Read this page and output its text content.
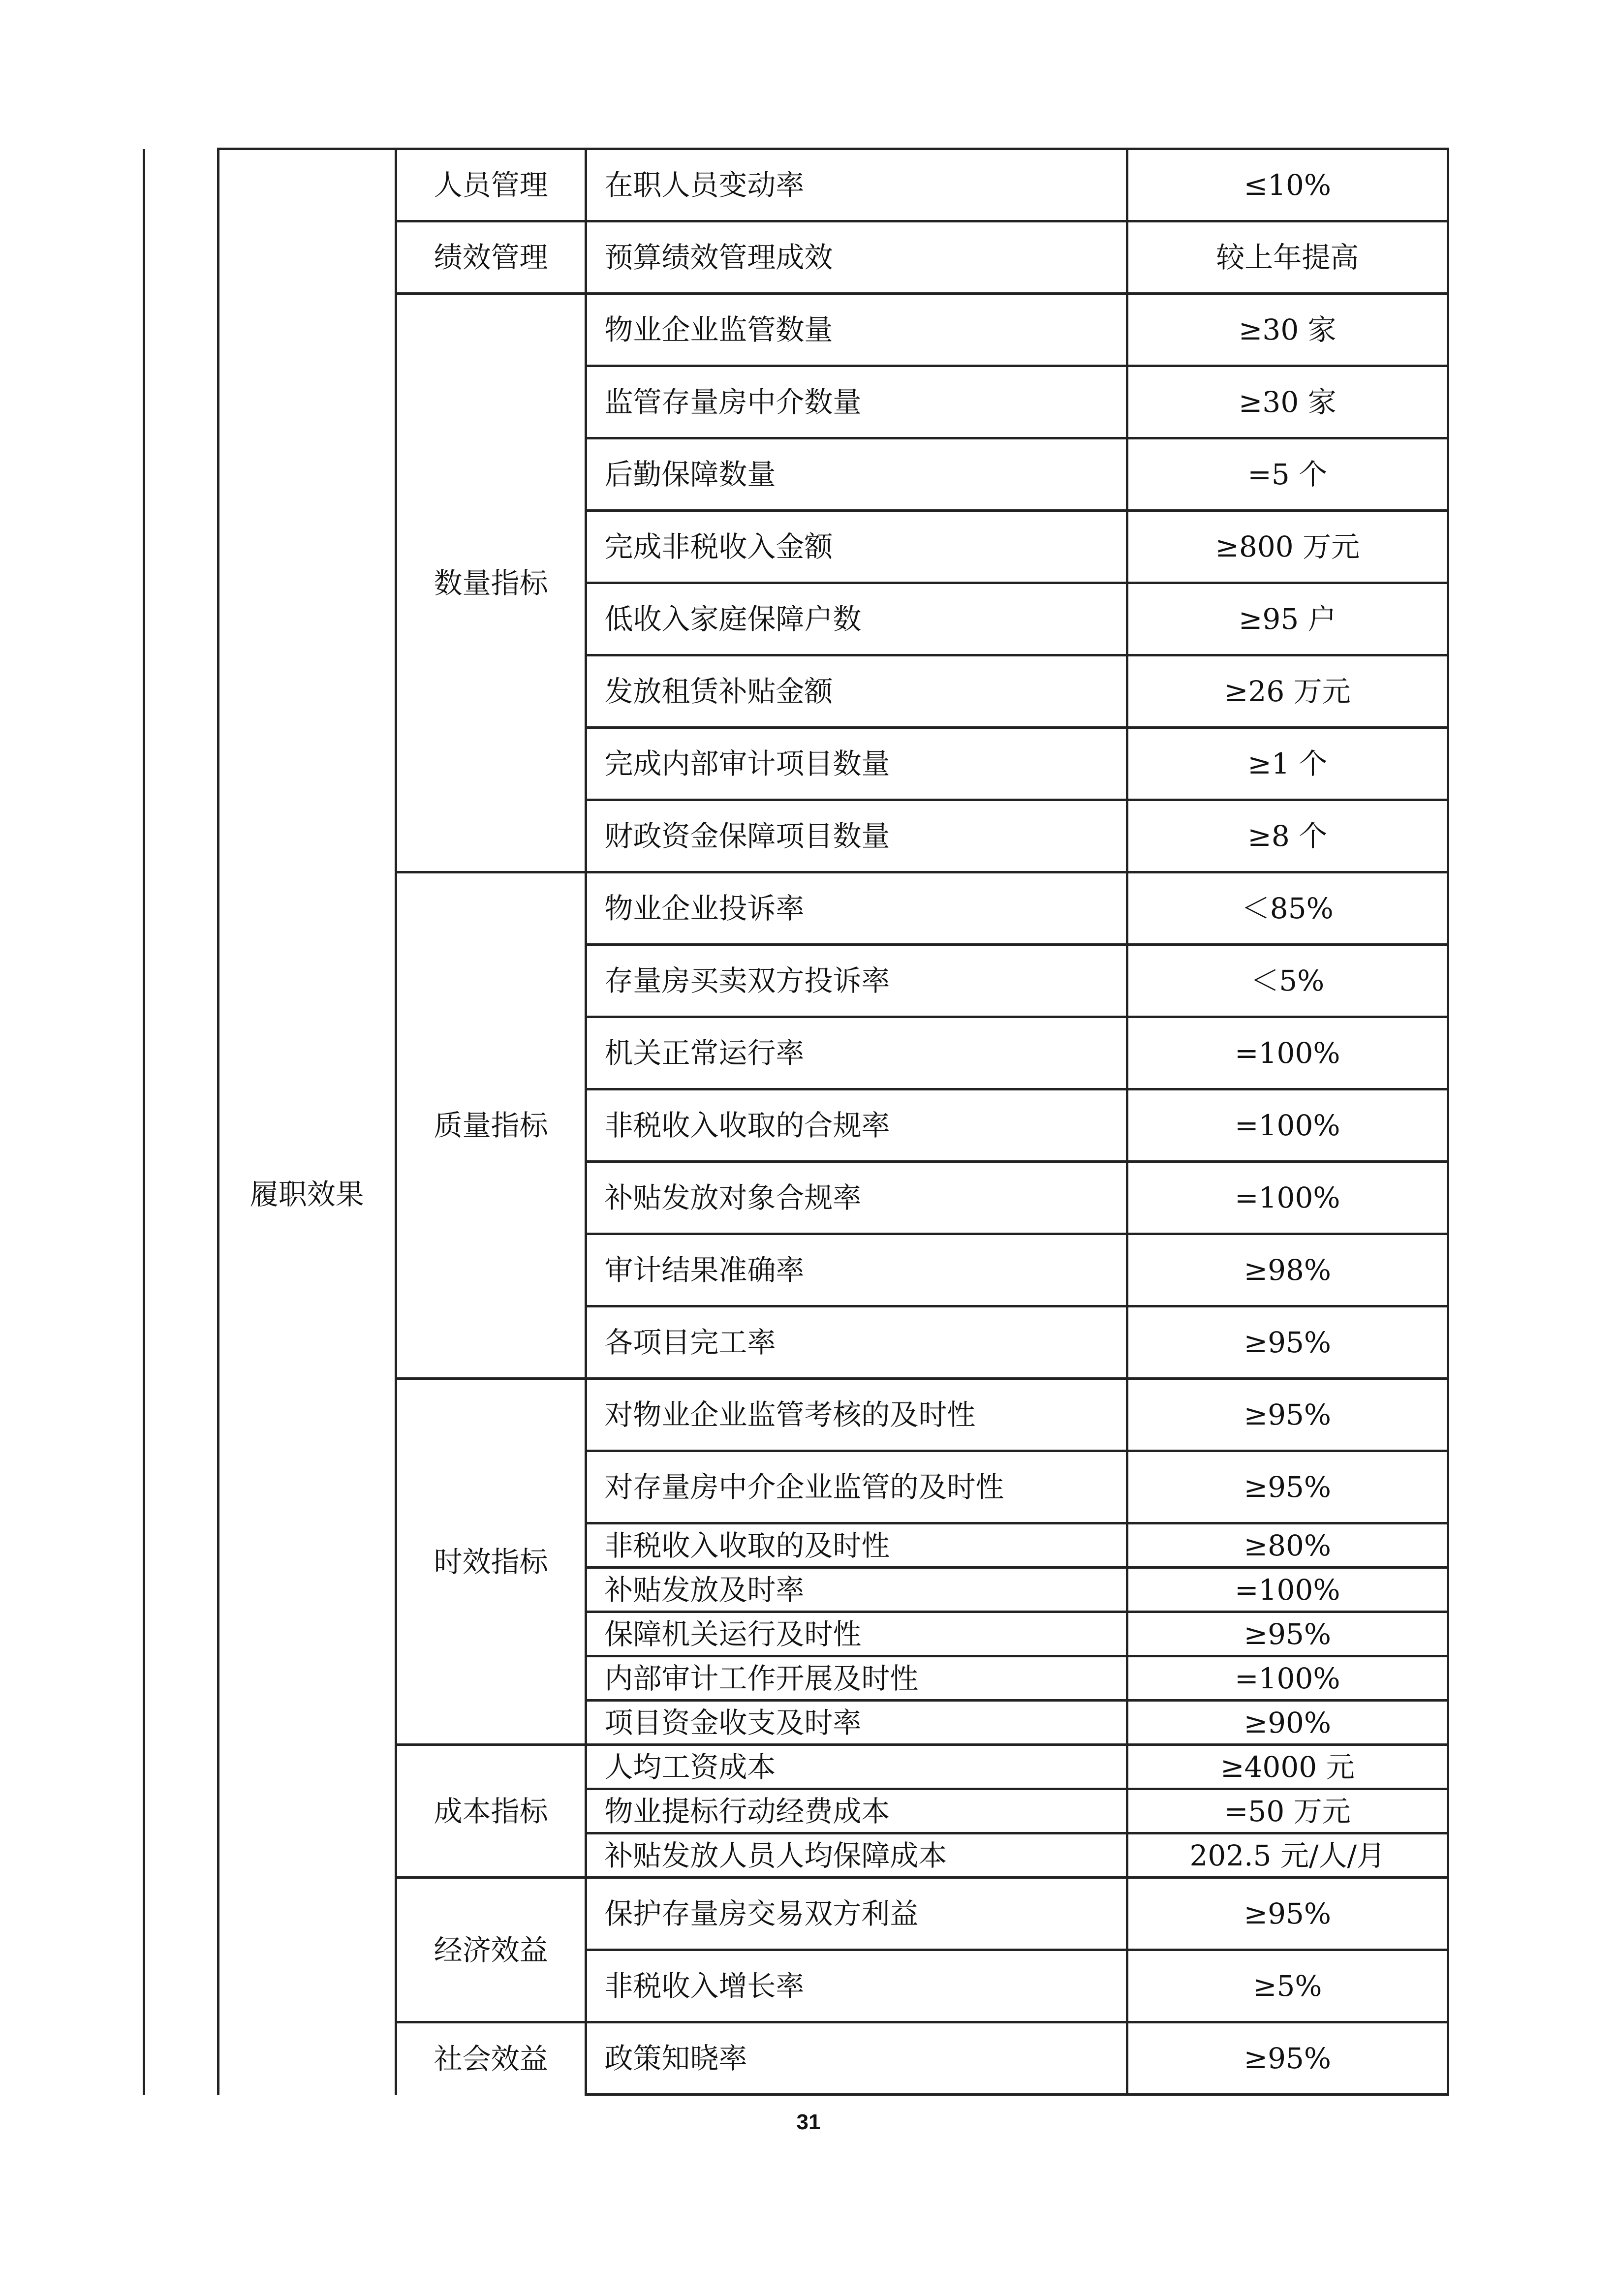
		人员管理	在职人员变动率	≤10%
		绩效管理	预算绩效管理成效	较上年提高
	履职效果	数量指标	物业企业监管数量	≥30 家
			监管存量房中介数量	≥30 家
			后勤保障数量	=5 个
			完成非税收入金额	≥800 万元
			低收入家庭保障户数	≥95 户
			发放租赁补贴金额	≥26 万元
			完成内部审计项目数量	≥1 个
			财政资金保障项目数量	≥8 个
		质量指标	物业企业投诉率	＜85%
			存量房买卖双方投诉率	＜5%
			机关正常运行率	=100%
			非税收入收取的合规率	=100%
			补贴发放对象合规率	=100%
			审计结果准确率	≥98%
			各项目完工率	≥95%
		时效指标	对物业企业监管考核的及时性	≥95%
			对存量房中介企业监管的及时性	≥95%
			非税收入收取的及时性	≥80%
			补贴发放及时率	=100%
			保障机关运行及时性	≥95%
			内部审计工作开展及时性	=100%
			项目资金收支及时率	≥90%
		成本指标	人均工资成本	≥4000 元
			物业提标行动经费成本	=50 万元
			补贴发放人员人均保障成本	202.5 元/人/月
		经济效益	保护存量房交易双方利益	≥95%
			非税收入增长率	≥5%
		社会效益	政策知晓率	≥95%
31
